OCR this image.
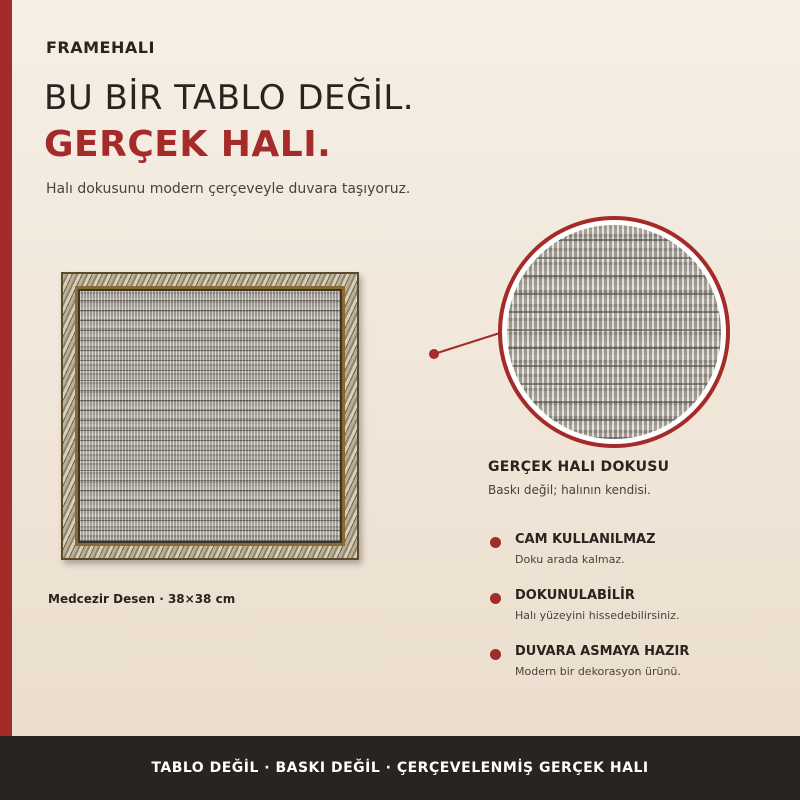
FRAMEHALI
BU BİR TABLO DEĞİL.
GERÇEK HALI.

Halı dokusunu modern çerçeveyle duvara taşıyoruz.

Medcezir Desen · 38×38 cm
GERÇEK HALI DOKUSU
Baskı değil; halının kendisi.
CAM KULLANILMAZ
Doku arada kalmaz.
DOKUNULABİLİR
Halı yüzeyini hissedebilirsiniz.
DUVARA ASMAYA HAZIR
Modern bir dekorasyon ürünü.
TABLO DEĞİL · BASKI DEĞİL · ÇERÇEVELENMİŞ GERÇEK HALI
